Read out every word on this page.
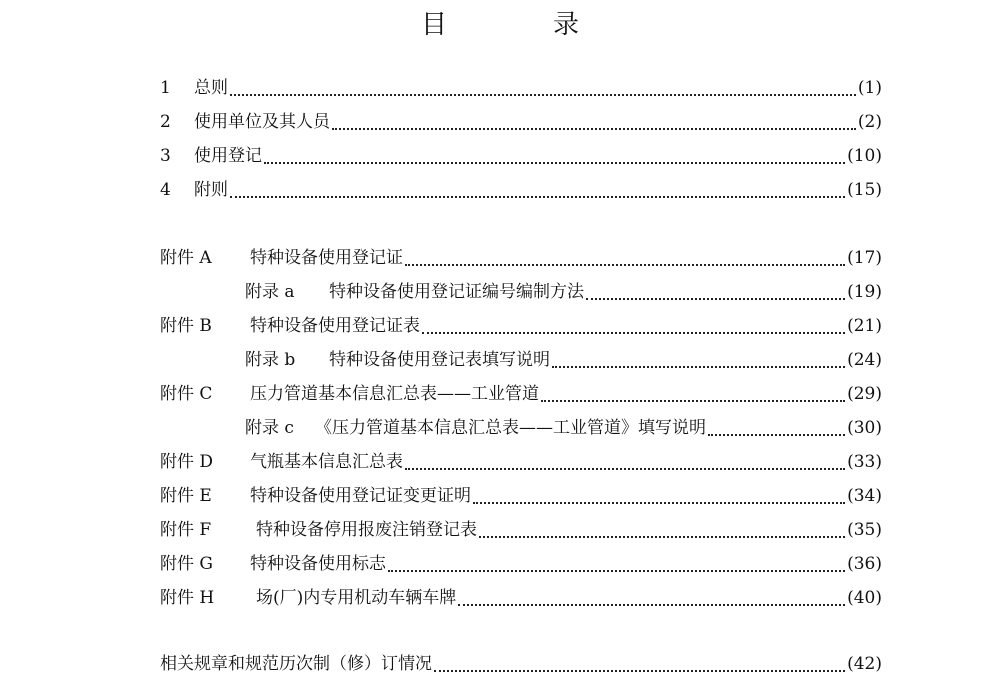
目　录
1	总则	(1)
2	使用单位及其人员	(2)
3	使用登记	(10)
4	附则	(15)
附件 A	特种设备使用登记证	(17)
附录 a	特种设备使用登记证编号编制方法	(19)
附件 B	特种设备使用登记证表	(21)
附录 b	特种设备使用登记表填写说明	(24)
附件 C	压力管道基本信息汇总表——工业管道	(29)
附录 c	《压力管道基本信息汇总表——工业管道》填写说明	(30)
附件 D	气瓶基本信息汇总表	(33)
附件 E	特种设备使用登记证变更证明	(34)
附件 F	特种设备停用报废注销登记表	(35)
附件 G	特种设备使用标志	(36)
附件 H	场(厂)内专用机动车辆车牌	(40)
相关规章和规范历次制（修）订情况	(42)
